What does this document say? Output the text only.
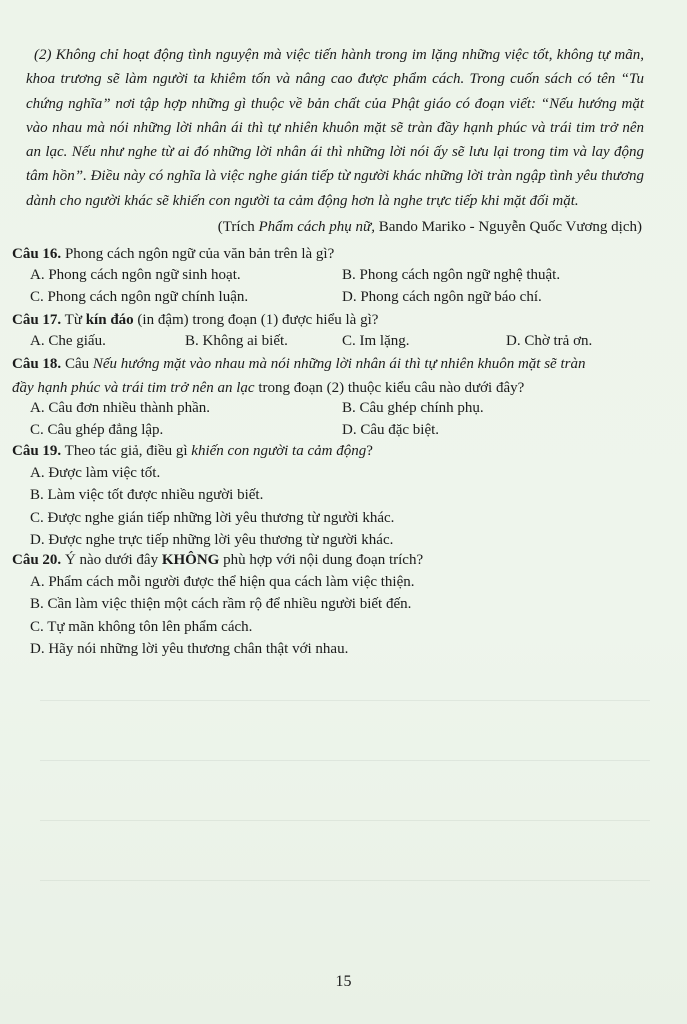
(2) Không chỉ hoạt động tình nguyện mà việc tiến hành trong im lặng những việc tốt, không tự mãn, khoa trương sẽ làm người ta khiêm tốn và nâng cao được phẩm cách. Trong cuốn sách có tên “Tu chứng nghĩa” nơi tập hợp những gì thuộc về bản chất của Phật giáo có đoạn viết: “Nếu hướng mặt vào nhau mà nói những lời nhân ái thì tự nhiên khuôn mặt sẽ tràn đầy hạnh phúc và trái tim trở nên an lạc. Nếu như nghe từ ai đó những lời nhân ái thì những lời nói ấy sẽ lưu lại trong tim và lay động tâm hồn”. Điều này có nghĩa là việc nghe gián tiếp từ người khác những lời tràn ngập tình yêu thương dành cho người khác sẽ khiến con người ta cảm động hơn là nghe trực tiếp khi mặt đối mặt.
(Trích Phẩm cách phụ nữ, Bando Mariko - Nguyễn Quốc Vương dịch)
Câu 16. Phong cách ngôn ngữ của văn bản trên là gì?
A. Phong cách ngôn ngữ sinh hoạt.	B. Phong cách ngôn ngữ nghệ thuật.
C. Phong cách ngôn ngữ chính luận.	D. Phong cách ngôn ngữ báo chí.
Câu 17. Từ kín đáo (in đậm) trong đoạn (1) được hiểu là gì?
A. Che giấu.	B. Không ai biết.	C. Im lặng.	D. Chờ trả ơn.
Câu 18. Câu Nếu hướng mặt vào nhau mà nói những lời nhân ái thì tự nhiên khuôn mặt sẽ tràn
đầy hạnh phúc và trái tim trở nên an lạc trong đoạn (2) thuộc kiểu câu nào dưới đây?
A. Câu đơn nhiều thành phần.	B. Câu ghép chính phụ.
C. Câu ghép đẳng lập.	D. Câu đặc biệt.
Câu 19. Theo tác giả, điều gì khiến con người ta cảm động?
A. Được làm việc tốt.
B. Làm việc tốt được nhiều người biết.
C. Được nghe gián tiếp những lời yêu thương từ người khác.
D. Được nghe trực tiếp những lời yêu thương từ người khác.
Câu 20. Ý nào dưới đây KHÔNG phù hợp với nội dung đoạn trích?
A. Phẩm cách mỗi người được thể hiện qua cách làm việc thiện.
B. Cần làm việc thiện một cách rầm rộ để nhiều người biết đến.
C. Tự mãn không tôn lên phẩm cách.
D. Hãy nói những lời yêu thương chân thật với nhau.
15
